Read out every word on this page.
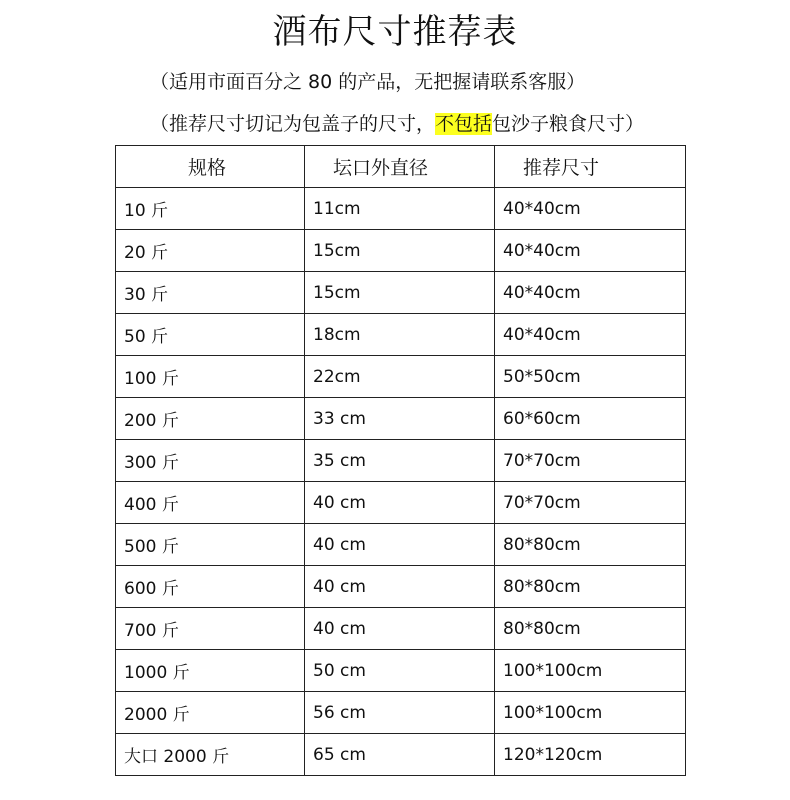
酒布尺寸推荐表
（适用市面百分之 80 的产品，无把握请联系客服）
（推荐尺寸切记为包盖子的尺寸，不包括包沙子粮食尺寸）
规格	坛口外直径	推荐尺寸
10 斤	11cm	40*40cm
20 斤	15cm	40*40cm
30 斤	15cm	40*40cm
50 斤	18cm	40*40cm
100 斤	22cm	50*50cm
200 斤	33 cm	60*60cm
300 斤	35 cm	70*70cm
400 斤	40 cm	70*70cm
500 斤	40 cm	80*80cm
600 斤	40 cm	80*80cm
700 斤	40 cm	80*80cm
1000 斤	50 cm	100*100cm
2000 斤	56 cm	100*100cm
大口 2000 斤	65 cm	120*120cm
